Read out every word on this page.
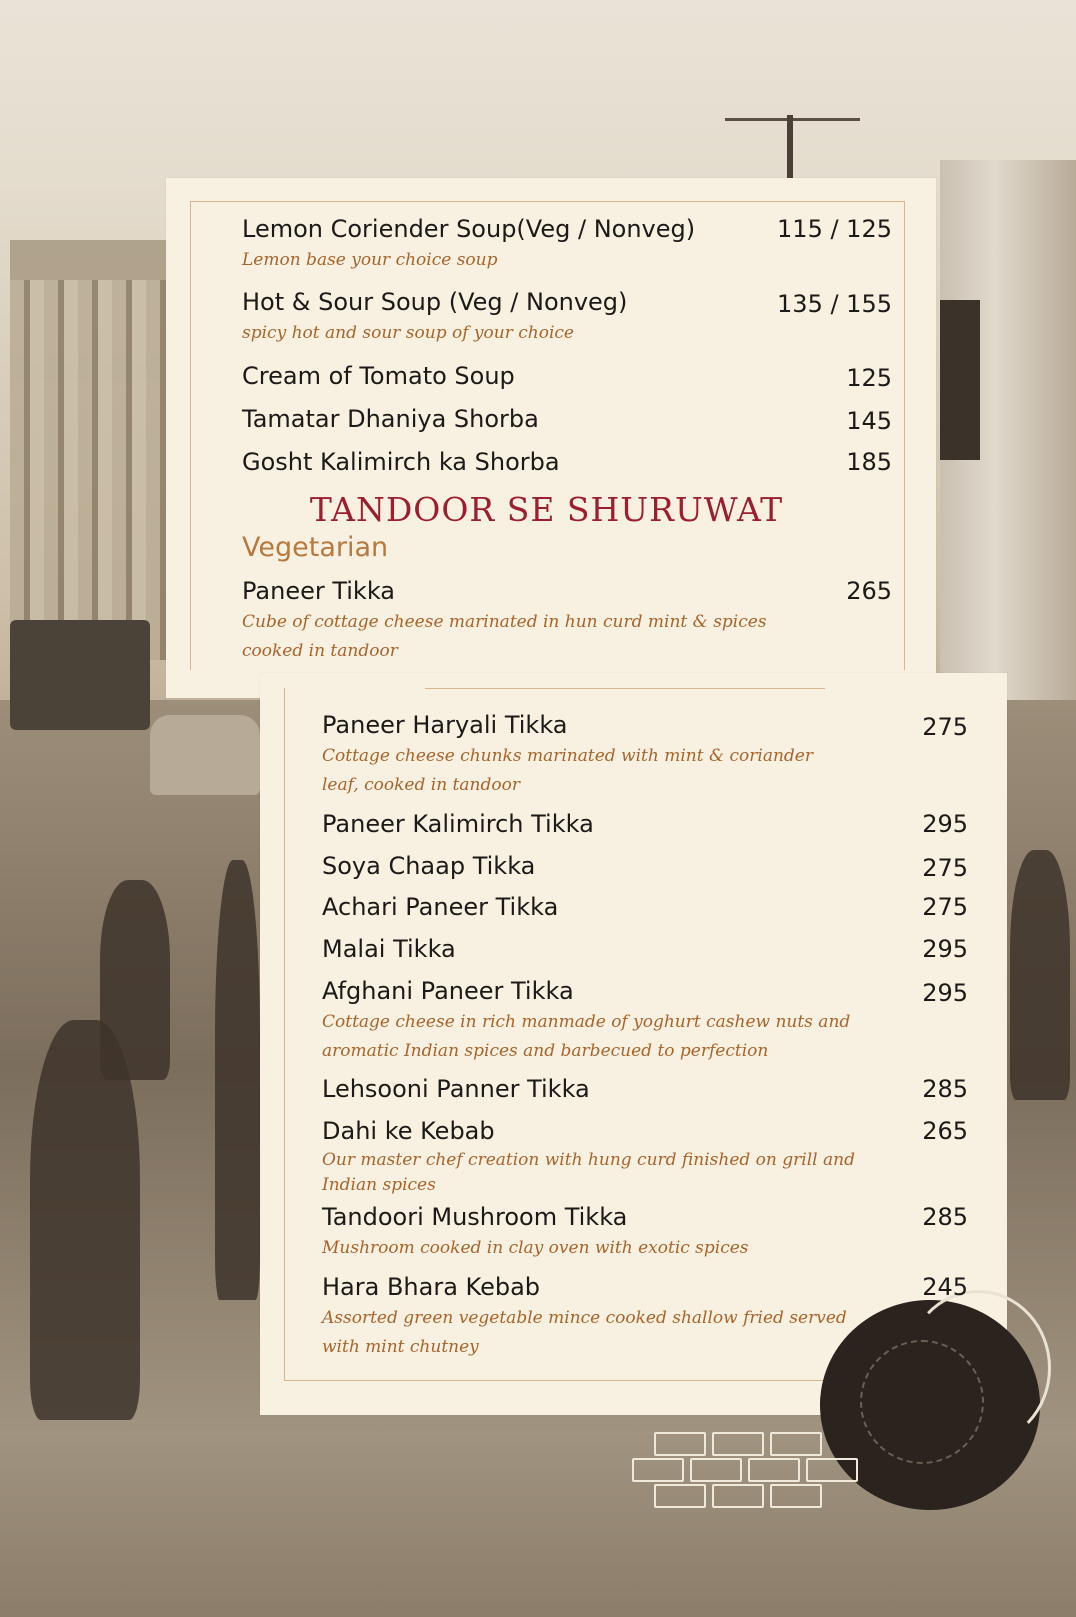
Lemon Coriender Soup(Veg / Nonveg)	115 / 125
Lemon base your choice soup
Hot & Sour Soup (Veg / Nonveg)	135 / 155
spicy hot and sour soup of your choice
Cream of Tomato Soup	125
Tamatar Dhaniya Shorba	145
Gosht Kalimirch ka Shorba	185
TANDOOR SE SHURUWAT
Vegetarian
Paneer Tikka	265
Cube of cottage cheese marinated in hun curd mint & spices cooked in tandoor
Paneer Haryali Tikka	275
Cottage cheese chunks marinated with mint & coriander leaf, cooked in tandoor
Paneer Kalimirch Tikka	295
Soya Chaap Tikka	275
Achari Paneer Tikka	275
Malai Tikka	295
Afghani Paneer Tikka	295
Cottage cheese in rich manmade of yoghurt cashew nuts and aromatic Indian spices and barbecued to perfection
Lehsooni Panner Tikka	285
Dahi ke Kebab	265
Our master chef creation with hung curd finished on grill and Indian spices
Tandoori Mushroom Tikka	285
Mushroom cooked in clay oven with exotic spices
Hara Bhara Kebab	245
Assorted green vegetable mince cooked shallow fried served with mint chutney
